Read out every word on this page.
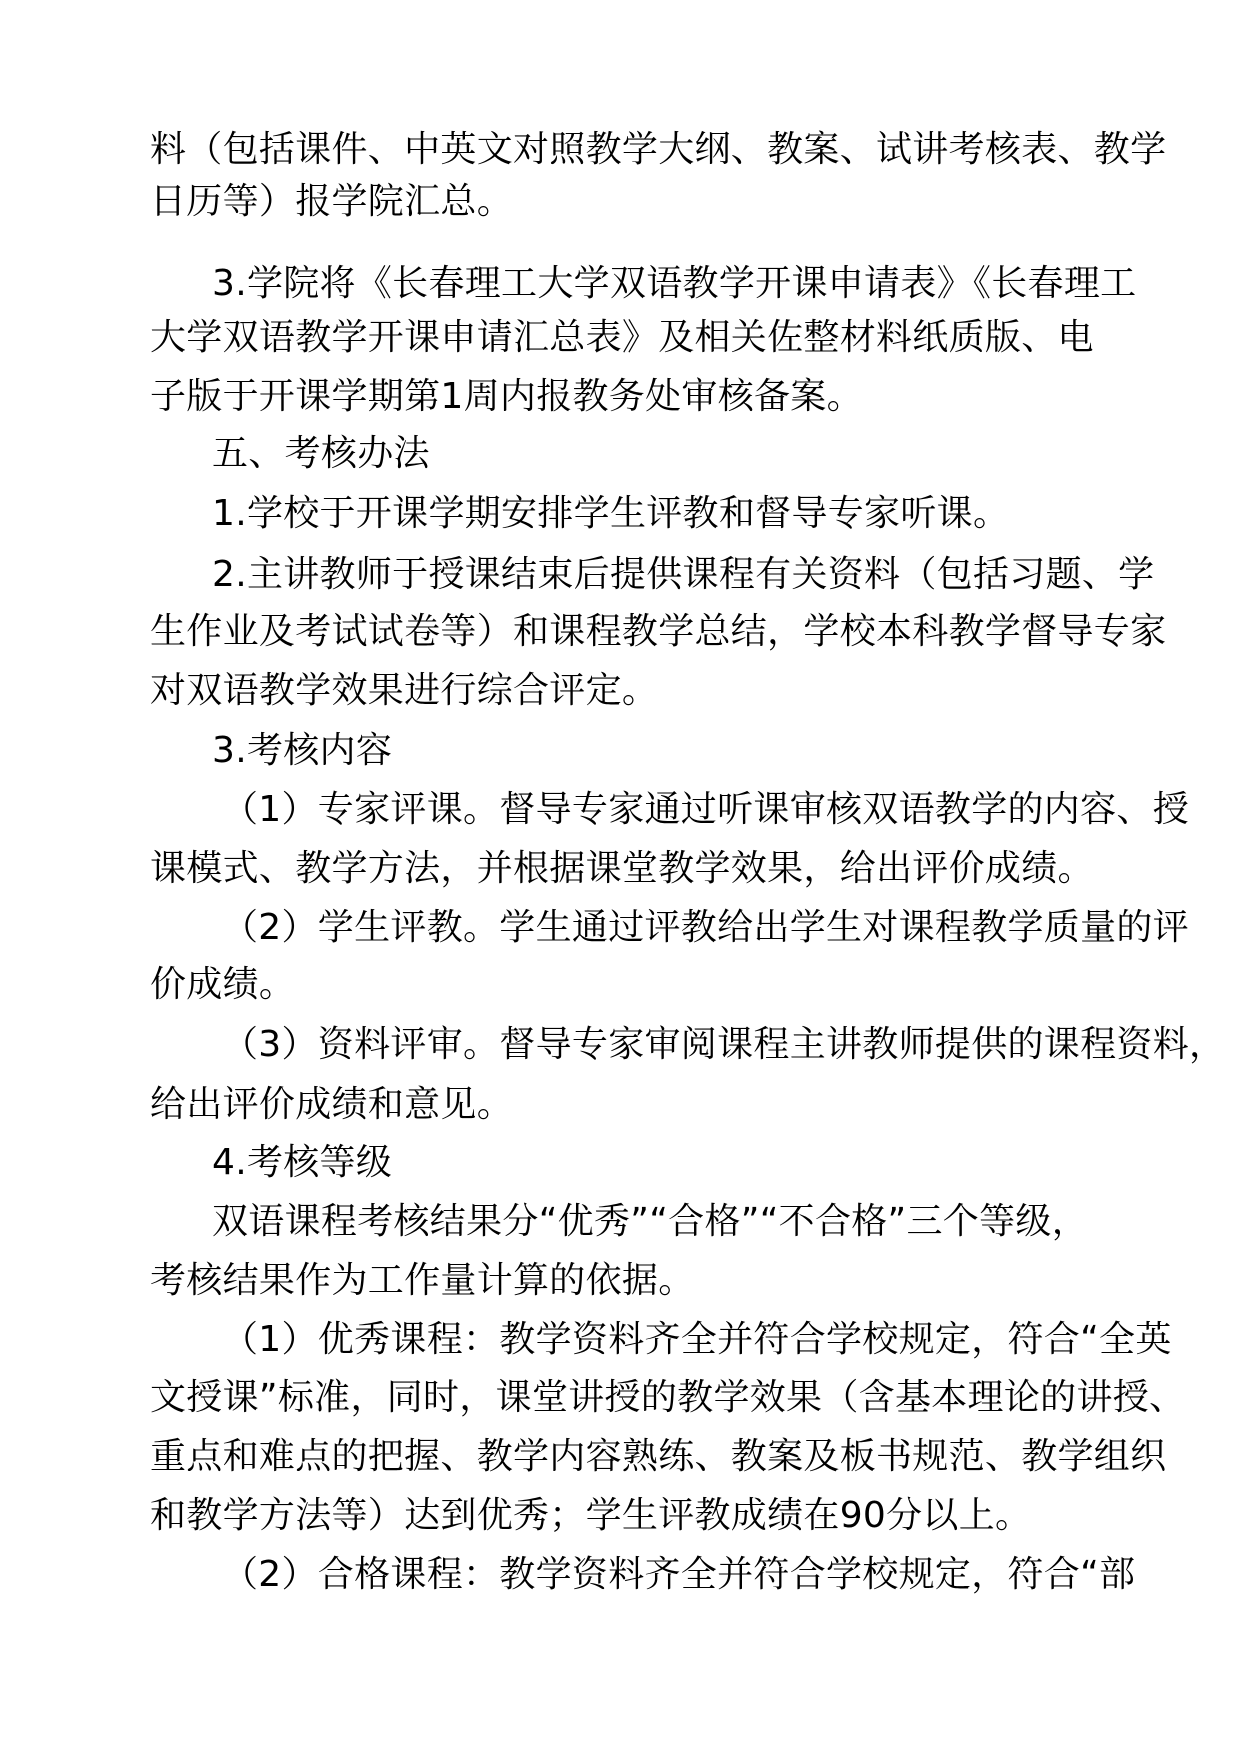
料（包括课件、中英文对照教学大纲、教案、试讲考核表、教学
日历等）报学院汇总。
3.学院将《长春理工大学双语教学开课申请表》《长春理工
大学双语教学开课申请汇总表》及相关佐整材料纸质版、电
子版于开课学期第1周内报教务处审核备案。
五、考核办法
1.学校于开课学期安排学生评教和督导专家听课。
2.主讲教师于授课结束后提供课程有关资料（包括习题、学
生作业及考试试卷等）和课程教学总结，学校本科教学督导专家
对双语教学效果进行综合评定。
3.考核内容
（1）专家评课。督导专家通过听课审核双语教学的内容、授
课模式、教学方法，并根据课堂教学效果，给出评价成绩。
（2）学生评教。学生通过评教给出学生对课程教学质量的评
价成绩。
（3）资料评审。督导专家审阅课程主讲教师提供的课程资料，
给出评价成绩和意见。
4.考核等级
双语课程考核结果分“优秀”“合格”“不合格”三个等级，
考核结果作为工作量计算的依据。
（1）优秀课程：教学资料齐全并符合学校规定，符合“全英
文授课”标准，同时，课堂讲授的教学效果（含基本理论的讲授、
重点和难点的把握、教学内容熟练、教案及板书规范、教学组织
和教学方法等）达到优秀；学生评教成绩在90分以上。
（2）合格课程：教学资料齐全并符合学校规定，符合“部
